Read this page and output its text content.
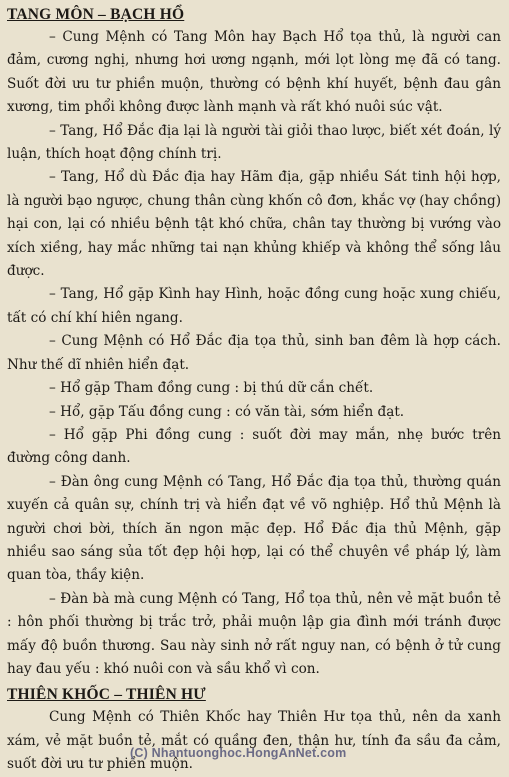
TANG MÔN – BẠCH HỔ

– Cung Mệnh có Tang Môn hay Bạch Hổ tọa thủ, là người can đảm, cương nghị, nhưng hơi ương ngạnh, mới lọt lòng mẹ đã có tang. Suốt đời ưu tư phiền muộn, thường có bệnh khí huyết, bệnh đau gân xương, tim phổi không được lành mạnh và rất khó nuôi súc vật.

– Tang, Hổ Đắc địa lại là người tài giỏi thao lược, biết xét đoán, lý luận, thích hoạt động chính trị.

– Tang, Hổ dù Đắc địa hay Hãm địa, gặp nhiều Sát tinh hội hợp, là người bạo ngược, chung thân cùng khốn cô đơn, khắc vợ (hay chồng) hại con, lại có nhiều bệnh tật khó chữa, chân tay thường bị vướng vào xích xiềng, hay mắc những tai nạn khủng khiếp và không thể sống lâu được.

– Tang, Hổ gặp Kình hay Hình, hoặc đồng cung hoặc xung chiếu, tất có chí khí hiên ngang.

– Cung Mệnh có Hổ Đắc địa tọa thủ, sinh ban đêm là hợp cách. Như thế dĩ nhiên hiển đạt.

– Hổ gặp Tham đồng cung : bị thú dữ cắn chết.

– Hổ, gặp Tấu đồng cung : có văn tài, sớm hiển đạt.

– Hổ gặp Phi đồng cung : suốt đời may mắn, nhẹ bước trên đường công danh.

– Đàn ông cung Mệnh có Tang, Hổ Đắc địa tọa thủ, thường quán xuyến cả quân sự, chính trị và hiển đạt về võ nghiệp. Hổ thủ Mệnh là người chơi bời, thích ăn ngon mặc đẹp. Hổ Đắc địa thủ Mệnh, gặp nhiều sao sáng sủa tốt đẹp hội hợp, lại có thể chuyên về pháp lý, làm quan tòa, thầy kiện.

– Đàn bà mà cung Mệnh có Tang, Hổ tọa thủ, nên vẻ mặt buồn tẻ : hôn phối thường bị trắc trở, phải muộn lập gia đình mới tránh được mấy độ buồn thương. Sau này sinh nở rất nguy nan, có bệnh ở tử cung hay đau yếu : khó nuôi con và sầu khổ vì con.

THIÊN KHỐC – THIÊN HƯ

Cung Mệnh có Thiên Khốc hay Thiên Hư tọa thủ, nên da xanh xám, vẻ mặt buồn tẻ, mắt có quầng đen, thận hư, tính đa sầu đa cảm, suốt đời ưu tư phiền muộn.

(C) Nhantuonghoc.HongAnNet.com
